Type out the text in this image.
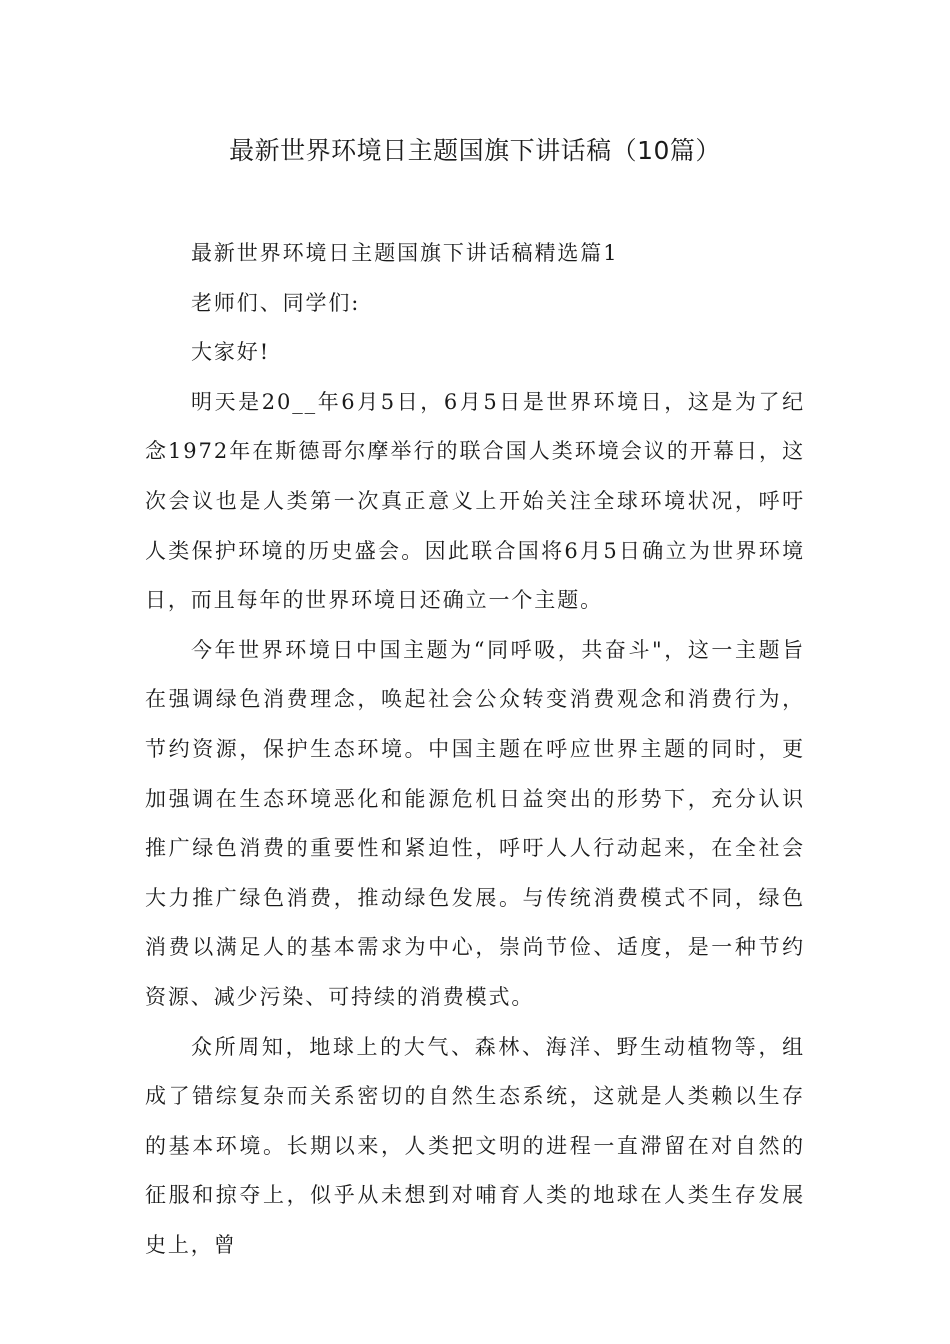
最新世界环境日主题国旗下讲话稿（10篇）

最新世界环境日主题国旗下讲话稿精选篇1

老师们、同学们:

大家好!

明天是20__年6月5日，6月5日是世界环境日，这是为了纪念1972年在斯德哥尔摩举行的联合国人类环境会议的开幕日，这次会议也是人类第一次真正意义上开始关注全球环境状况，呼吁人类保护环境的历史盛会。因此联合国将6月5日确立为世界环境日，而且每年的世界环境日还确立一个主题。

今年世界环境日中国主题为“同呼吸，共奋斗"，这一主题旨在强调绿色消费理念，唤起社会公众转变消费观念和消费行为，节约资源，保护生态环境。中国主题在呼应世界主题的同时，更加强调在生态环境恶化和能源危机日益突出的形势下，充分认识推广绿色消费的重要性和紧迫性，呼吁人人行动起来，在全社会大力推广绿色消费，推动绿色发展。与传统消费模式不同，绿色消费以满足人的基本需求为中心，崇尚节俭、适度，是一种节约资源、减少污染、可持续的消费模式。

众所周知，地球上的大气、森林、海洋、野生动植物等，组成了错综复杂而关系密切的自然生态系统，这就是人类赖以生存的基本环境。长期以来，人类把文明的进程一直滞留在对自然的征服和掠夺上，似乎从未想到对哺育人类的地球在人类生存发展史上，曾
